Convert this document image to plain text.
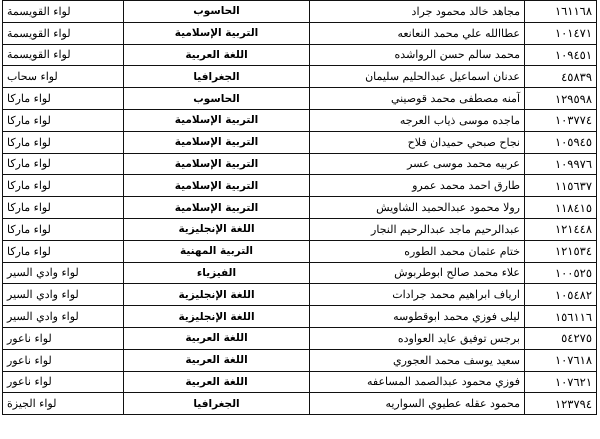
لواء القويسمة	الحاسوب	مجاهد خالد محمود جراد	١٦١١٦٨
لواء القويسمة	التربية الإسلامية	عطاالله علي محمد النعانعه	١٠١٤٧١
لواء القويسمة	اللغة العربية	محمد سالم حسن الرواشده	١٠٩٤٥١
لواء سحاب	الجغرافيا	عدنان اسماعيل عبدالحليم سليمان	٤٥٨٣٩
لواء ماركا	الحاسوب	آمنه مصطفى محمد قوصيني	١٢٩٥٩٨
لواء ماركا	التربية الإسلامية	ماجده موسى ذياب العرجه	١٠٣٧٧٤
لواء ماركا	التربية الإسلامية	نجاح صبحي حميدان فلاح	١٠٥٩٤٥
لواء ماركا	التربية الإسلامية	عربيه محمد موسى عسر	١٠٩٩٧٦
لواء ماركا	التربية الإسلامية	طارق احمد محمد عمرو	١١٥٦٣٧
لواء ماركا	التربية الإسلامية	رولا محمود عبدالحميد الشاويش	١١٨٤١٥
لواء ماركا	اللغة الإنجليزية	عبدالرحيم ماجد عبدالرحيم النجار	١٢١٤٤٨
لواء ماركا	التربية المهنية	ختام عثمان محمد الطوره	١٢١٥٣٤
لواء وادي السير	الفيزياء	علاء محمد صالح ابوطربوش	١٠٠٥٢٥
لواء وادي السير	اللغة الإنجليزية	ارياف ابراهيم محمد جرادات	١٠٥٤٨٢
لواء وادي السير	اللغة الإنجليزية	ليلى فوزي محمد ابوقطوسه	١٥٦١١٦
لواء ناعور	اللغة العربية	برجس توفيق عايد العواوده	٥٤٢٧٥
لواء ناعور	اللغة العربية	سعيد يوسف محمد العجوري	١٠٧٦١٨
لواء ناعور	اللغة العربية	فوزي محمود عبدالصمد المساعفه	١٠٧٦٢١
لواء الجيزة	الجغرافيا	محمود عقله عطيوي السواريه	١٢٣٧٩٤
